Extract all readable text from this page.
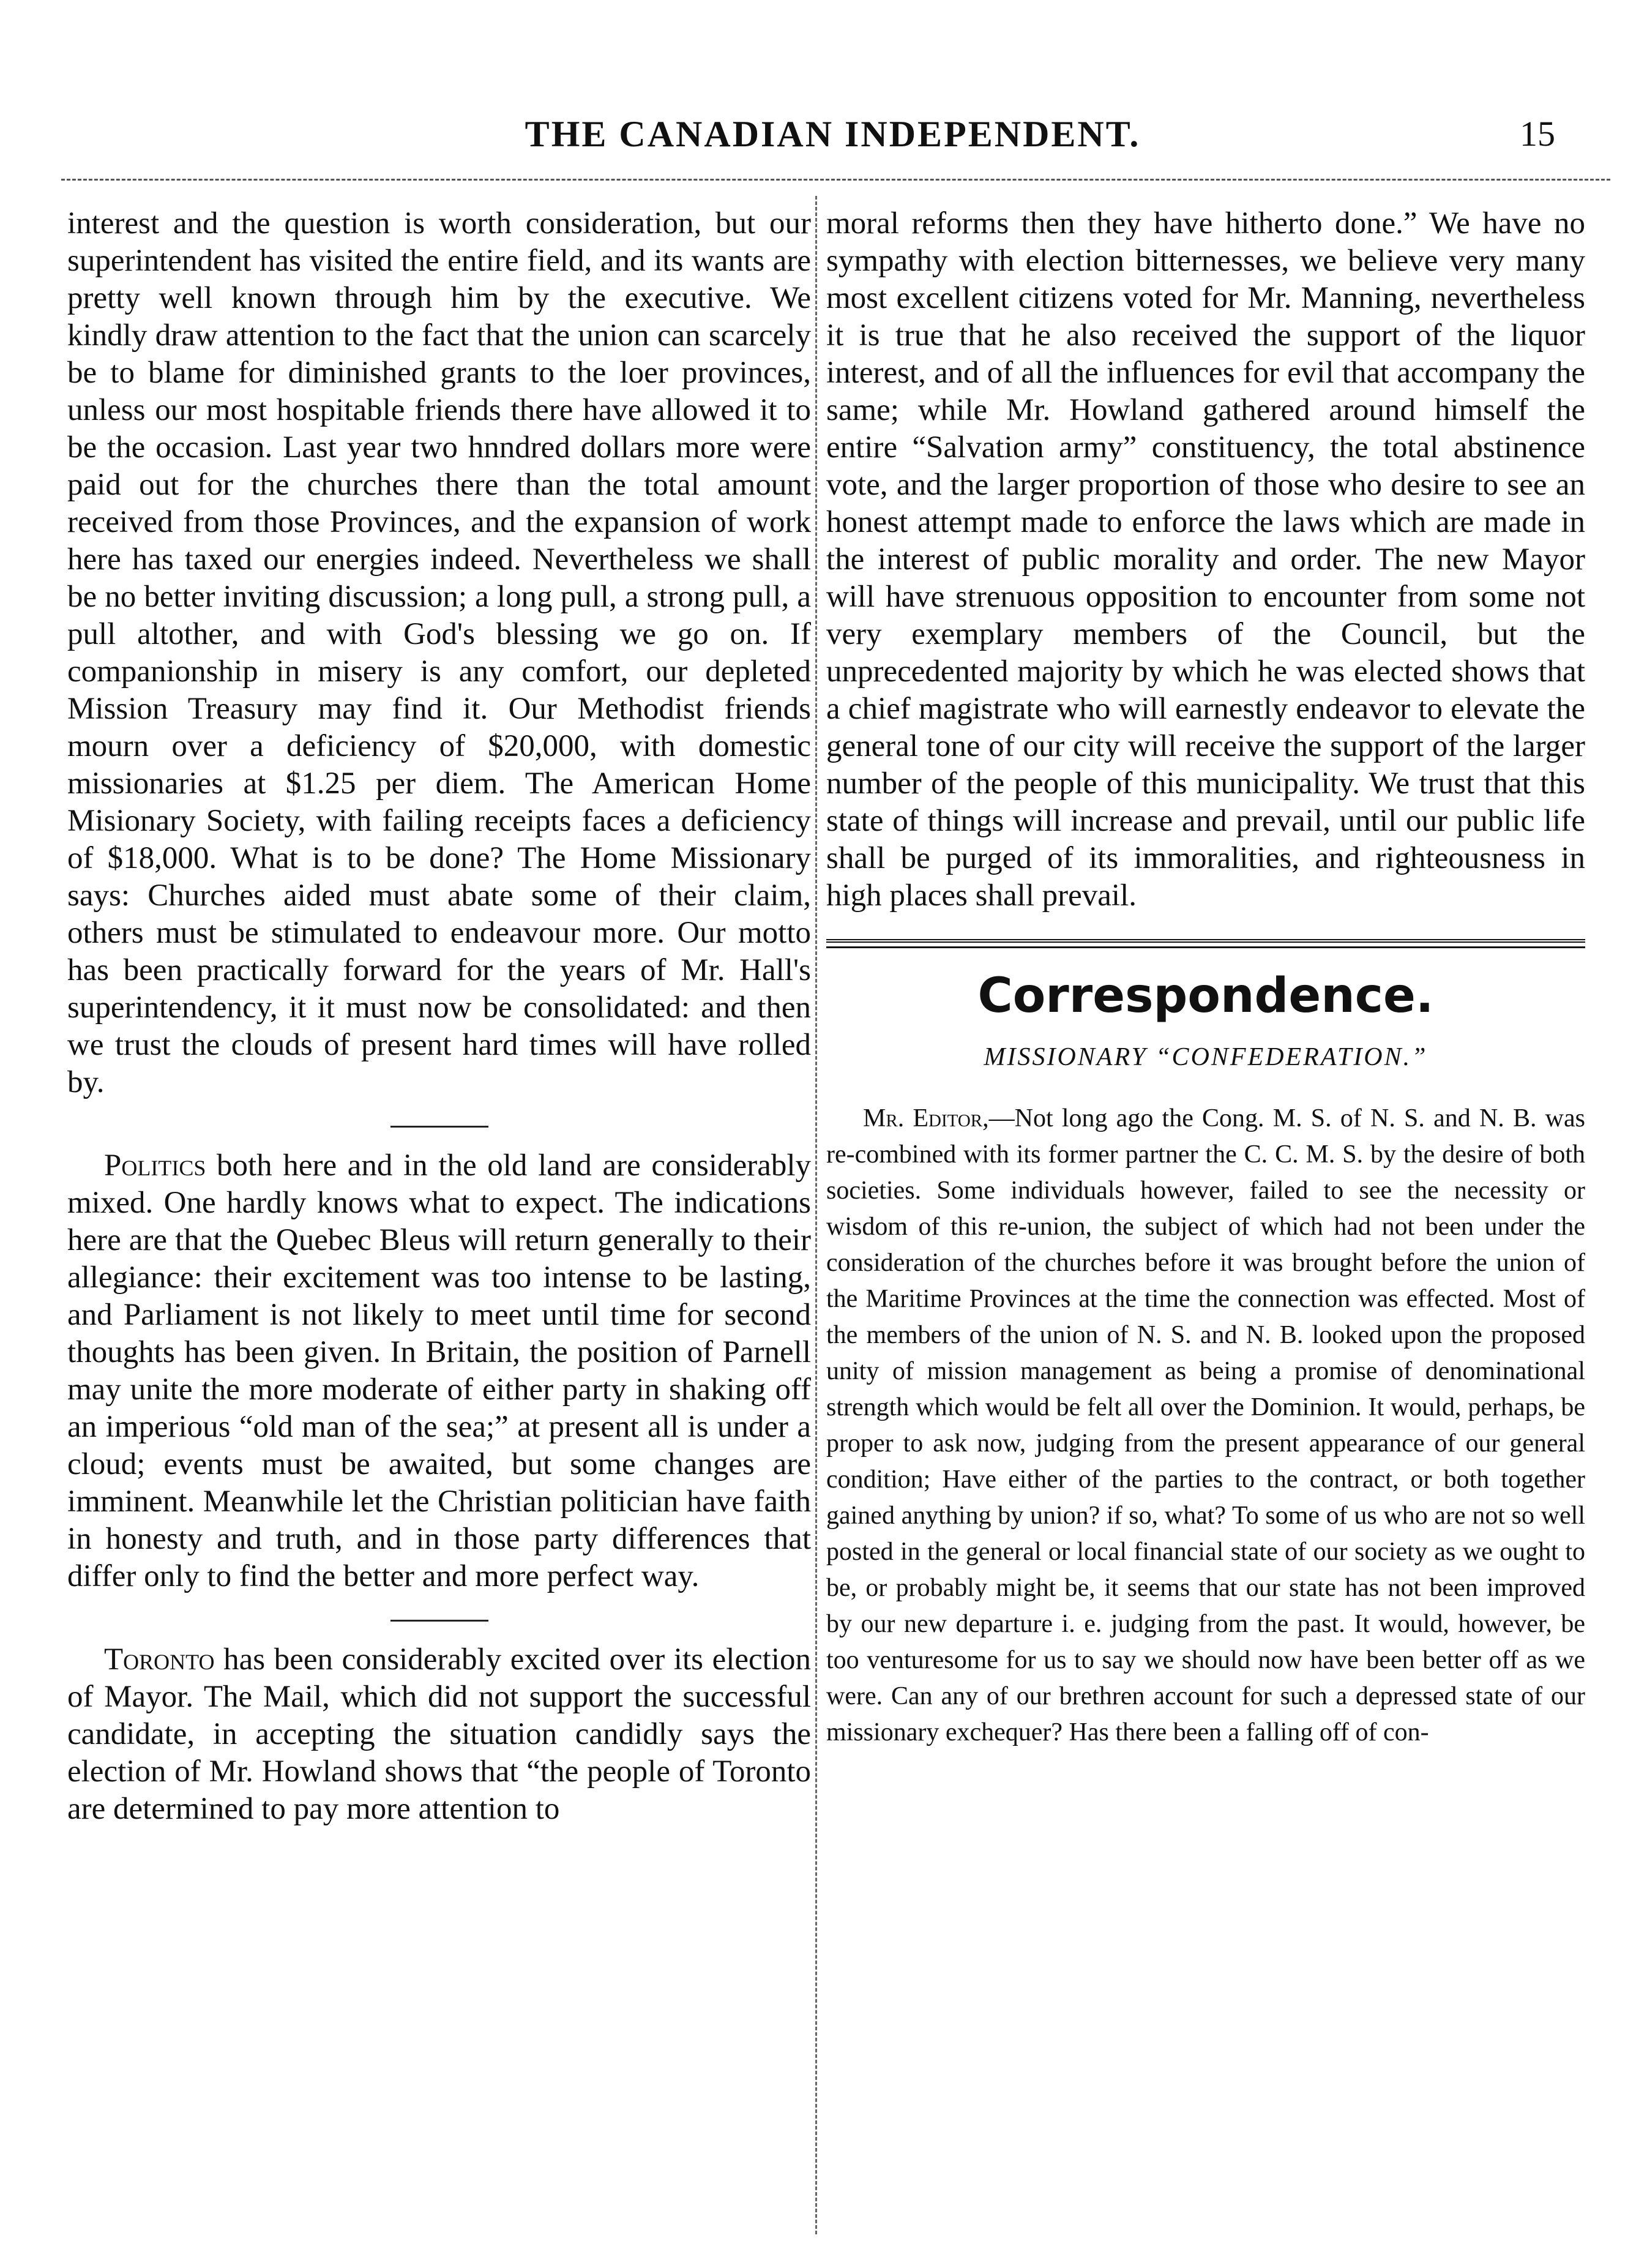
THE CANADIAN INDEPENDENT.	15

interest and the question is worth consideration, but our superintendent has visited the entire field, and its wants are pretty well known through him by the executive. We kindly draw attention to the fact that the union can scarcely be to blame for diminished grants to the loer provinces, unless our most hospitable friends there have allowed it to be the occasion. Last year two hnndred dollars more were paid out for the churches there than the total amount received from those Provinces, and the expansion of work here has taxed our energies indeed. Nevertheless we shall be no better inviting discussion; a long pull, a strong pull, a pull altother, and with God's blessing we go on. If companionship in misery is any comfort, our depleted Mission Treasury may find it. Our Methodist friends mourn over a deficiency of $20,000, with domestic missionaries at $1.25 per diem. The American Home Misionary Society, with failing receipts faces a deficiency of $18,000. What is to be done? The Home Missionary says: Churches aided must abate some of their claim, others must be stimulated to endeavour more. Our motto has been practically forward for the years of Mr. Hall's superintendency, it it must now be consolidated: and then we trust the clouds of present hard times will have rolled by.

Politics both here and in the old land are considerably mixed. One hardly knows what to expect. The indications here are that the Quebec Bleus will return generally to their allegiance: their excitement was too intense to be lasting, and Parliament is not likely to meet until time for second thoughts has been given. In Britain, the position of Parnell may unite the more moderate of either party in shaking off an imperious “old man of the sea;” at present all is under a cloud; events must be awaited, but some changes are imminent. Meanwhile let the Christian politician have faith in honesty and truth, and in those party differences that differ only to find the better and more perfect way.

Toronto has been considerably excited over its election of Mayor. The Mail, which did not support the successful candidate, in accepting the situation candidly says the election of Mr. Howland shows that “the people of Toronto are determined to pay more attention to

moral reforms then they have hitherto done.” We have no sympathy with election bitternesses, we believe very many most excellent citizens voted for Mr. Manning, nevertheless it is true that he also received the support of the liquor interest, and of all the influences for evil that accompany the same; while Mr. Howland gathered around himself the entire “Salvation army” constituency, the total abstinence vote, and the larger proportion of those who desire to see an honest attempt made to enforce the laws which are made in the interest of public morality and order. The new Mayor will have strenuous opposition to encounter from some not very exemplary members of the Council, but the unprecedented majority by which he was elected shows that a chief magistrate who will earnestly endeavor to elevate the general tone of our city will receive the support of the larger number of the people of this municipality. We trust that this state of things will increase and prevail, until our public life shall be purged of its immoralities, and righteousness in high places shall prevail.

Correspondence.
MISSIONARY “CONFEDERATION.”

Mr. Editor,—Not long ago the Cong. M. S. of N. S. and N. B. was re-combined with its former partner the C. C. M. S. by the desire of both societies. Some individuals however, failed to see the necessity or wisdom of this re-union, the subject of which had not been under the consideration of the churches before it was brought before the union of the Maritime Provinces at the time the connection was effected. Most of the members of the union of N. S. and N. B. looked upon the proposed unity of mission management as being a promise of denominational strength which would be felt all over the Dominion. It would, perhaps, be proper to ask now, judging from the present appearance of our general condition; Have either of the parties to the contract, or both together gained anything by union? if so, what? To some of us who are not so well posted in the general or local financial state of our society as we ought to be, or probably might be, it seems that our state has not been improved by our new departure i. e. judging from the past. It would, however, be too venturesome for us to say we should now have been better off as we were. Can any of our brethren account for such a depressed state of our missionary exchequer? Has there been a falling off of con-
